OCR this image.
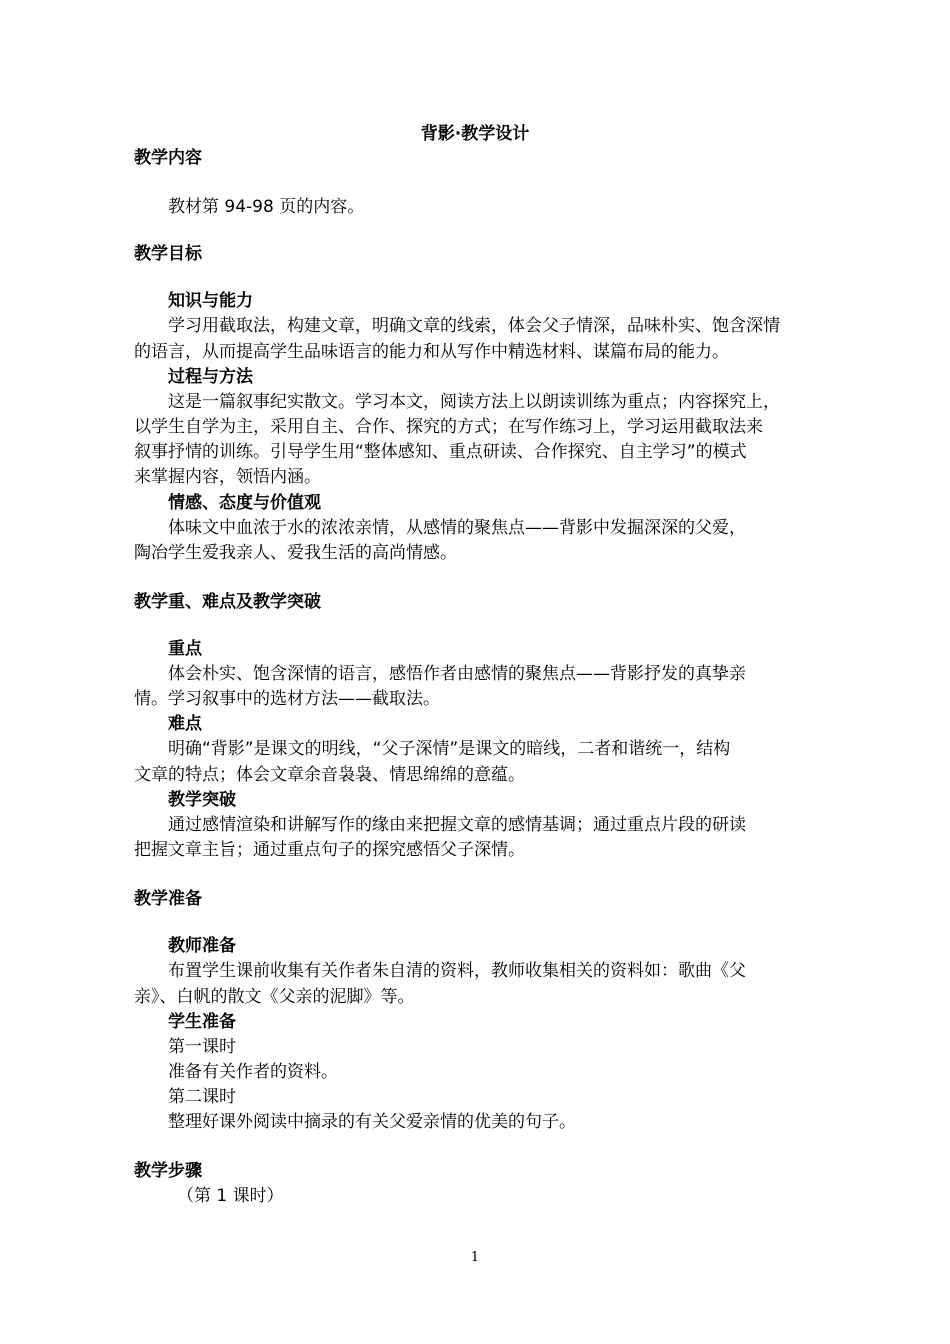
背影·教学设计
教学内容
教材第 94-98 页的内容。
教学目标
知识与能力
学习用截取法，构建文章，明确文章的线索，体会父子情深，品味朴实、饱含深情
的语言，从而提高学生品味语言的能力和从写作中精选材料、谋篇布局的能力。
过程与方法
这是一篇叙事纪实散文。学习本文，阅读方法上以朗读训练为重点；内容探究上，
以学生自学为主，采用自主、合作、探究的方式；在写作练习上，学习运用截取法来
叙事抒情的训练。引导学生用“整体感知、重点研读、合作探究、自主学习”的模式
来掌握内容，领悟内涵。
情感、态度与价值观
体味文中血浓于水的浓浓亲情，从感情的聚焦点——背影中发掘深深的父爱，
陶冶学生爱我亲人、爱我生活的高尚情感。
教学重、难点及教学突破
重点
体会朴实、饱含深情的语言，感悟作者由感情的聚焦点——背影抒发的真挚亲
情。学习叙事中的选材方法——截取法。
难点
明确“背影”是课文的明线，“父子深情”是课文的暗线，二者和谐统一，结构
文章的特点；体会文章余音袅袅、情思绵绵的意蕴。
教学突破
通过感情渲染和讲解写作的缘由来把握文章的感情基调；通过重点片段的研读
把握文章主旨；通过重点句子的探究感悟父子深情。
教学准备
教师准备
布置学生课前收集有关作者朱自清的资料，教师收集相关的资料如：歌曲《父
亲》、白帆的散文《父亲的泥脚》等。
学生准备
第一课时
准备有关作者的资料。
第二课时
整理好课外阅读中摘录的有关父爱亲情的优美的句子。
教学步骤
（第 1 课时）
1
